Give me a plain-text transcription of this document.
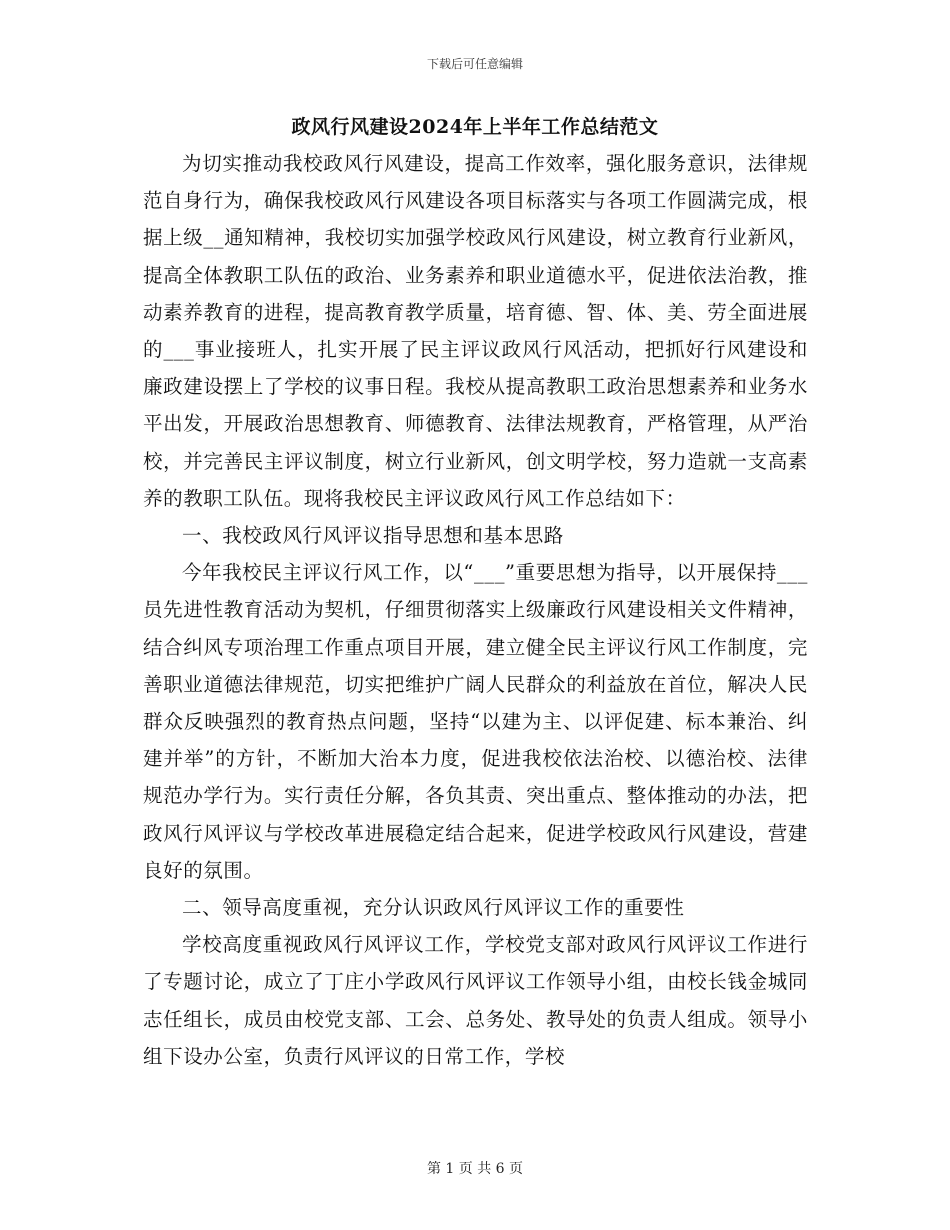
下载后可任意编辑
政风行风建设2024年上半年工作总结范文

为切实推动我校政风行风建设，提高工作效率，强化服务意识，法律规范自身行为，确保我校政风行风建设各项目标落实与各项工作圆满完成，根据上级__通知精神，我校切实加强学校政风行风建设，树立教育行业新风，提高全体教职工队伍的政治、业务素养和职业道德水平，促进依法治教，推动素养教育的进程，提高教育教学质量，培育德、智、体、美、劳全面进展的___事业接班人，扎实开展了民主评议政风行风活动，把抓好行风建设和廉政建设摆上了学校的议事日程。我校从提高教职工政治思想素养和业务水平出发，开展政治思想教育、师德教育、法律法规教育，严格管理，从严治校，并完善民主评议制度，树立行业新风，创文明学校，努力造就一支高素养的教职工队伍。现将我校民主评议政风行风工作总结如下：

一、我校政风行风评议指导思想和基本思路

今年我校民主评议行风工作，以“___”重要思想为指导，以开展保持___员先进性教育活动为契机，仔细贯彻落实上级廉政行风建设相关文件精神，结合纠风专项治理工作重点项目开展，建立健全民主评议行风工作制度，完善职业道德法律规范，切实把维护广阔人民群众的利益放在首位，解决人民群众反映强烈的教育热点问题，坚持“以建为主、以评促建、标本兼治、纠建并举”的方针，不断加大治本力度，促进我校依法治校、以德治校、法律规范办学行为。实行责任分解，各负其责、突出重点、整体推动的办法，把政风行风评议与学校改革进展稳定结合起来，促进学校政风行风建设，营建良好的氛围。

二、领导高度重视，充分认识政风行风评议工作的重要性

学校高度重视政风行风评议工作，学校党支部对政风行风评议工作进行了专题讨论，成立了丁庄小学政风行风评议工作领导小组，由校长钱金城同志任组长，成员由校党支部、工会、总务处、教导处的负责人组成。领导小组下设办公室，负责行风评议的日常工作，学校

第 1 页 共 6 页
